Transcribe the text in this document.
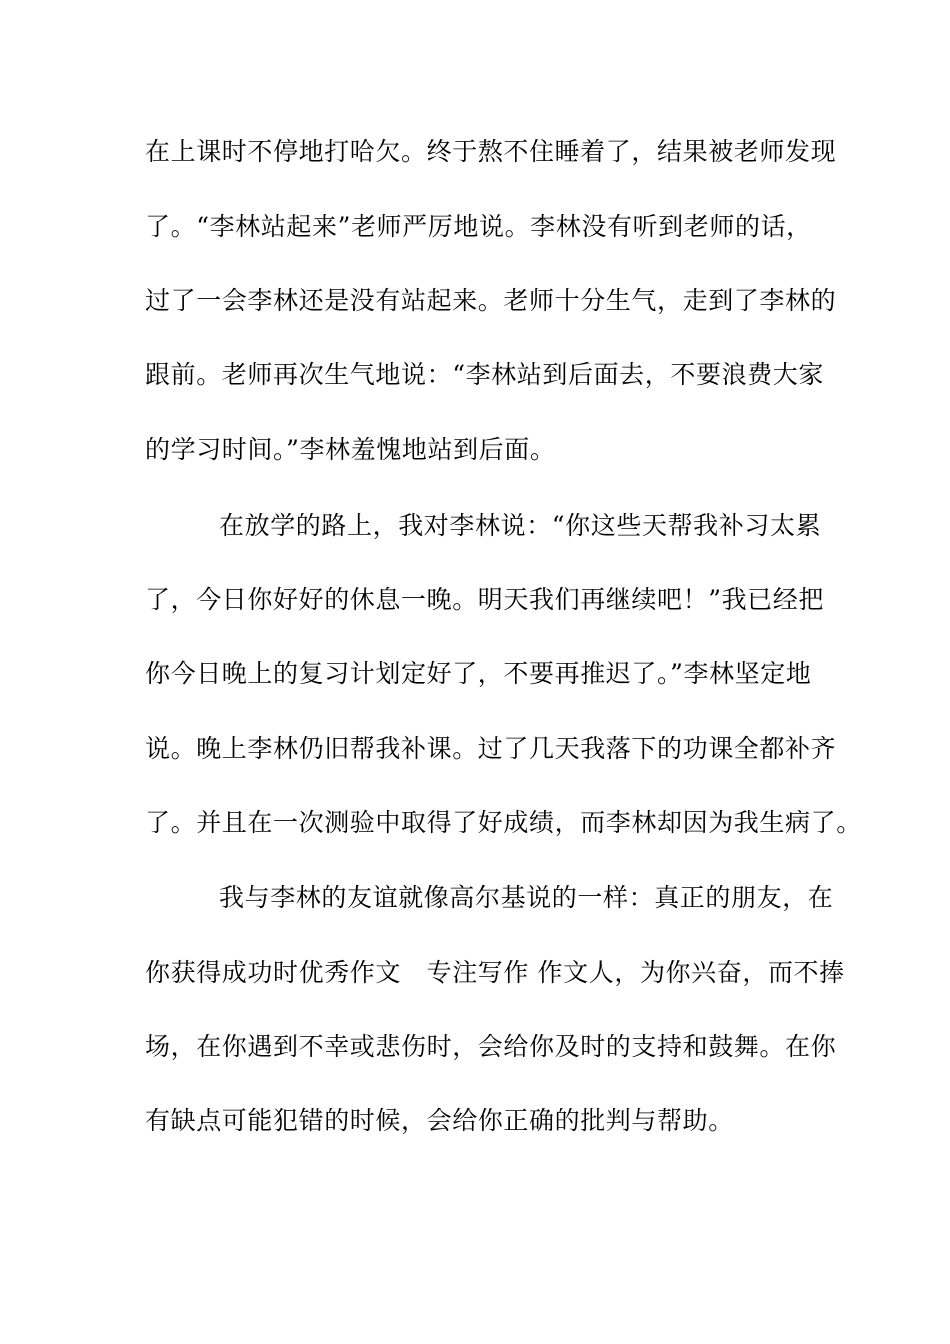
在上课时不停地打哈欠。终于熬不住睡着了，结果被老师发现
了。“李林站起来”老师严厉地说。李林没有听到老师的话，
过了一会李林还是没有站起来。老师十分生气，走到了李林的
跟前。老师再次生气地说：“李林站到后面去，不要浪费大家
的学习时间。”李林羞愧地站到后面。
在放学的路上，我对李林说：“你这些天帮我补习太累
了，今日你好好的休息一晚。明天我们再继续吧！”我已经把
你今日晚上的复习计划定好了，不要再推迟了。”李林坚定地
说。晚上李林仍旧帮我补课。过了几天我落下的功课全都补齐
了。并且在一次测验中取得了好成绩，而李林却因为我生病了。
我与李林的友谊就像高尔基说的一样：真正的朋友，在
你获得成功时优秀作文　专注写作 作文人，为你兴奋，而不捧
场，在你遇到不幸或悲伤时，会给你及时的支持和鼓舞。在你
有缺点可能犯错的时候，会给你正确的批判与帮助。
